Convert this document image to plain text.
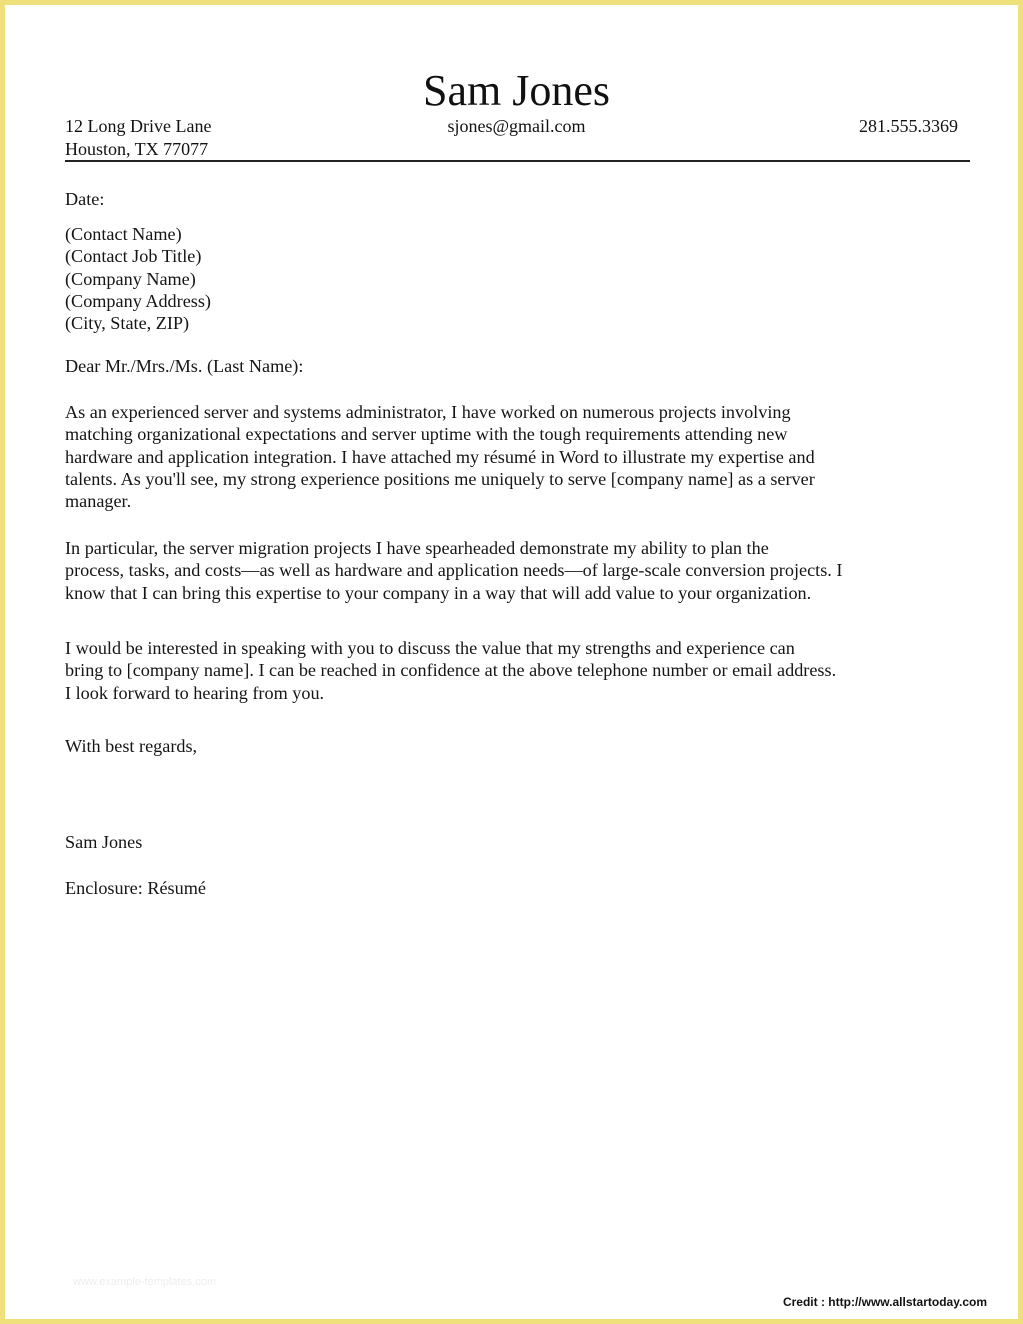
Sam Jones
12 Long Drive Lane
Houston, TX 77077
sjones@gmail.com	281.555.3369
Date:
(Contact Name)
(Contact Job Title)
(Company Name)
(Company Address)
(City, State, ZIP)
Dear Mr./Mrs./Ms. (Last Name):
As an experienced server and systems administrator, I have worked on numerous projects involving
matching organizational expectations and server uptime with the tough requirements attending new
hardware and application integration. I have attached my résumé in Word to illustrate my expertise and
talents. As you'll see, my strong experience positions me uniquely to serve [company name] as a server
manager.
In particular, the server migration projects I have spearheaded demonstrate my ability to plan the
process, tasks, and costs—as well as hardware and application needs—of large-scale conversion projects. I
know that I can bring this expertise to your company in a way that will add value to your organization.
I would be interested in speaking with you to discuss the value that my strengths and experience can
bring to [company name]. I can be reached in confidence at the above telephone number or email address.
I look forward to hearing from you.
With best regards,
Sam Jones
Enclosure: Résumé
www.example-templates.com
Credit : http://www.allstartoday.com
